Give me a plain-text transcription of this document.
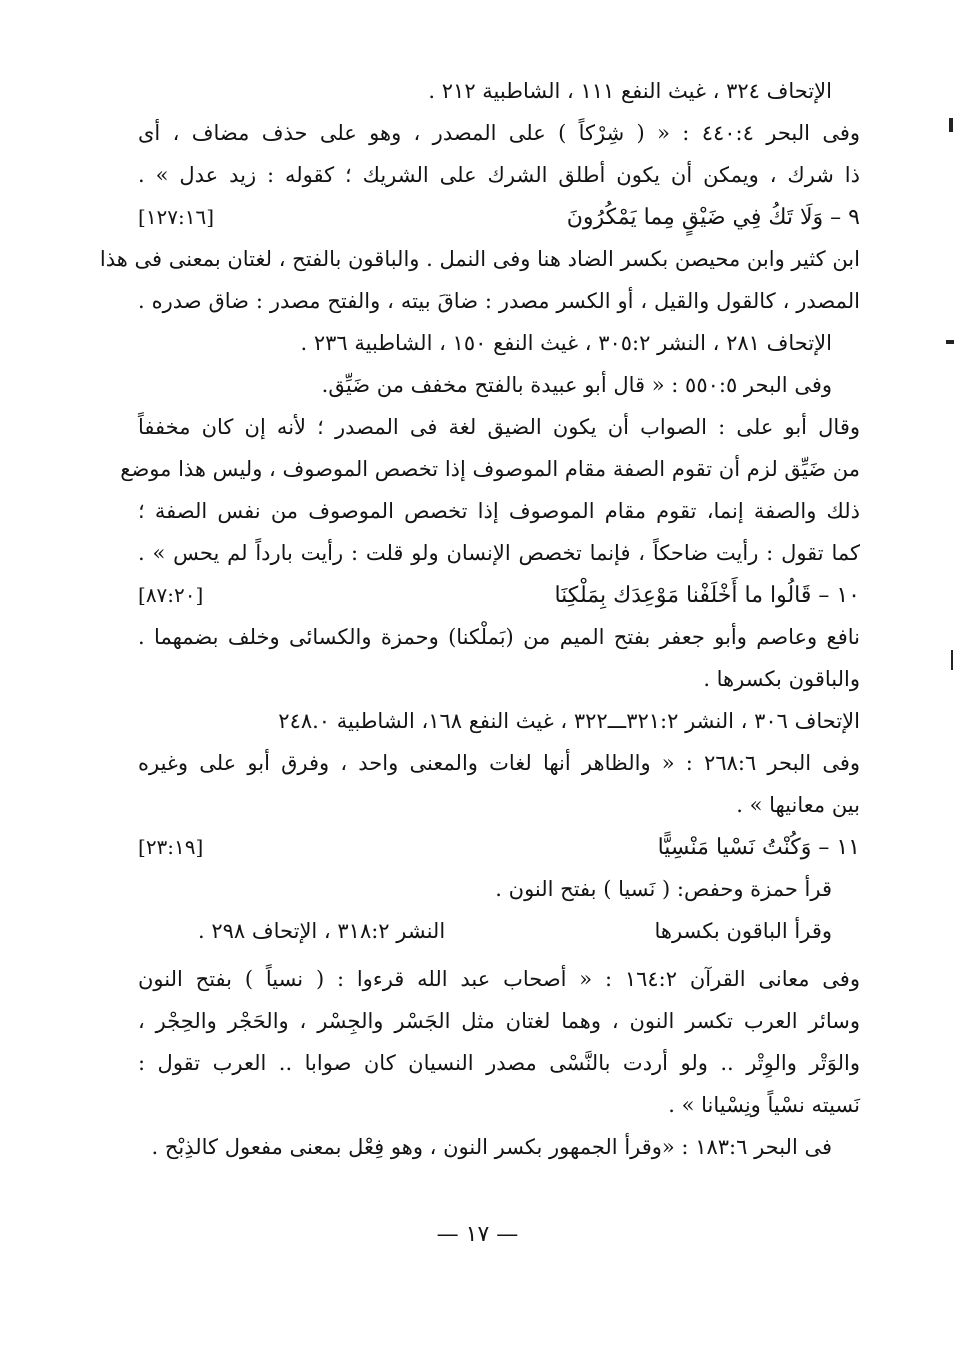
الإتحاف ٣٢٤ ، غيث النفع ١١١ ، الشاطبية ٢١٢ .
وفى البحر ٤٤٠:٤ : « ( شِرْكاً ) على المصدر ، وهو على حذف مضاف ، أى
ذا شرك ، ويمكن أن يكون أطلق الشرك على الشريك ؛ كقوله : زيد عدل » .
٩ – وَلَا تَكُ فِي ضَيْقٍ مِما يَمْكُرُونَ
[١٢٧:١٦]
ابن كثير وابن محيصن بكسر الضاد هنا وفى النمل . والباقون بالفتح ، لغتان بمعنى فى هذا
المصدر ، كالقول والقيل ، أو الكسر مصدر : ضاقَ بيته ، والفتح مصدر : ضاق صدره .
الإتحاف ٢٨١ ، النشر ٣٠٥:٢ ، غيث النفع ١٥٠ ، الشاطبية ٢٣٦ .
وفى البحر ٥٥٠:٥ : « قال أبو عبيدة بالفتح مخفف من ضَيِّق.
وقال أبو على : الصواب أن يكون الضيق لغة فى المصدر ؛ لأنه إن كان مخففاً
من ضَيِّق لزم أن تقوم الصفة مقام الموصوف إذا تخصص الموصوف ، وليس هذا موضع
ذلك والصفة إنما، تقوم مقام الموصوف إذا تخصص الموصوف من نفس الصفة ؛
كما تقول : رأيت ضاحكاً ، فإنما تخصص الإنسان ولو قلت : رأيت بارداً لم يحس » .
١٠ – قَالُوا ما أَخْلَفْنا مَوْعِدَك بِمَلْكِنَا
[٨٧:٢٠]
نافع وعاصم وأبو جعفر بفتح الميم من (بَملْكنا) وحمزة والكسائى وخلف بضمهما .
والباقون بكسرها .
الإتحاف ٣٠٦ ، النشر ٣٢١:٢ـــ٣٢٢ ، غيث النفع ١٦٨، الشاطبية ٢٤٨.٠
وفى البحر ٢٦٨:٦ : « والظاهر أنها لغات والمعنى واحد ، وفرق أبو على وغيره
بين معانيها » .
١١ – وَكُنْتُ نَسْيا مَنْسِيًّا
[٢٣:١٩]
قرأ حمزة وحفص: ( نَسيا ) بفتح النون .
وقرأ الباقون بكسرها
النشر ٣١٨:٢ ، الإتحاف ٢٩٨ .
وفى معانى القرآن ١٦٤:٢ : « أصحاب عبد الله قرءوا : ( نسياً ) بفتح النون
وسائر العرب تكسر النون ، وهما لغتان مثل الجَسْر والجِسْر ، والحَجْر والحِجْر ،
والوَتْر والوِتْر .. ولو أردت بالنَّسْى مصدر النسيان كان صوابا .. العرب تقول :
نَسيته نسْياً ونِسْيانا » .
فى البحر ١٨٣:٦ : «وقرأ الجمهور بكسر النون ، وهو فِعْل بمعنى مفعول كالذِبْح .
— ١٧ —
